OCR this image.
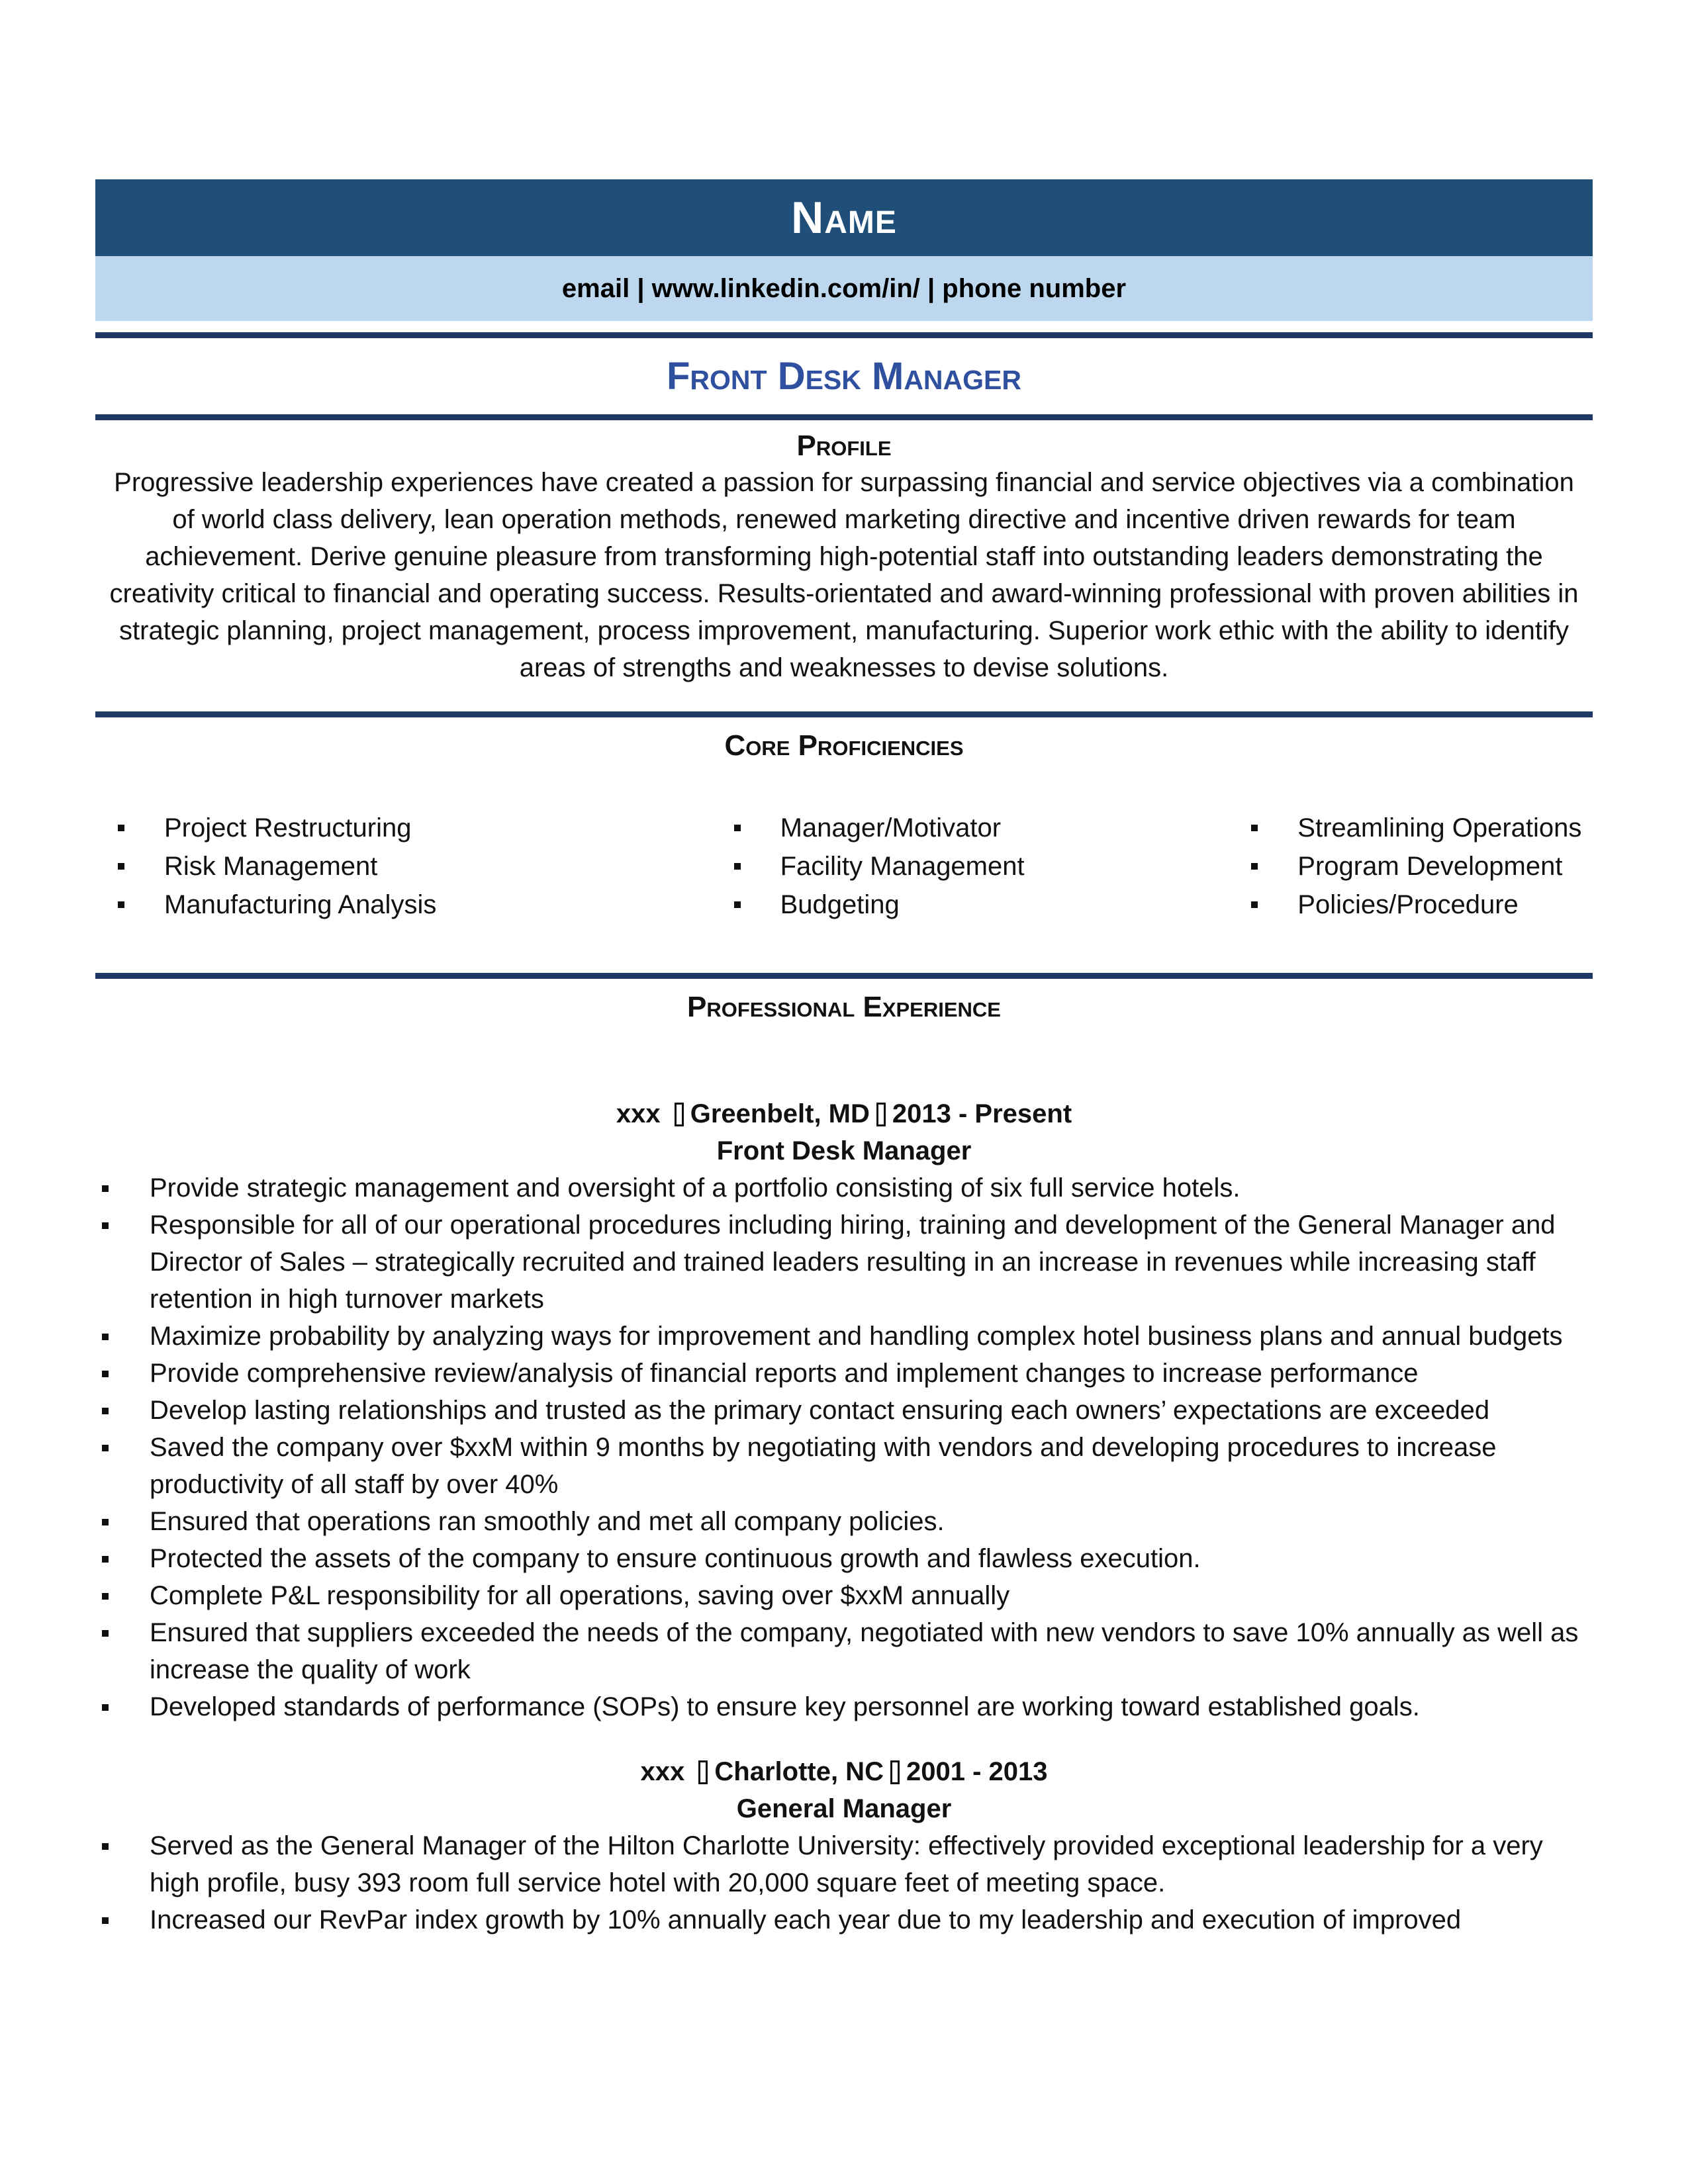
Name
email | www.linkedin.com/in/ | phone number
Front Desk Manager
Profile
Progressive leadership experiences have created a passion for surpassing financial and service objectives via a combination of world class delivery, lean operation methods, renewed marketing directive and incentive driven rewards for team achievement. Derive genuine pleasure from transforming high-potential staff into outstanding leaders demonstrating the creativity critical to financial and operating success. Results-orientated and award-winning professional with proven abilities in strategic planning, project management, process improvement, manufacturing. Superior work ethic with the ability to identify areas of strengths and weaknesses to devise solutions.
Core Proficiencies
Project Restructuring
Risk Management
Manufacturing Analysis
Manager/Motivator
Facility Management
Budgeting
Streamlining Operations
Program Development
Policies/Procedure
Professional Experience
xxx Greenbelt, MD 2013 - Present
Front Desk Manager
Provide strategic management and oversight of a portfolio consisting of six full service hotels.
Responsible for all of our operational procedures including hiring, training and development of the General Manager and Director of Sales – strategically recruited and trained leaders resulting in an increase in revenues while increasing staff retention in high turnover markets
Maximize probability by analyzing ways for improvement and handling complex hotel business plans and annual budgets
Provide comprehensive review/analysis of financial reports and implement changes to increase performance
Develop lasting relationships and trusted as the primary contact ensuring each owners’ expectations are exceeded
Saved the company over $xxM within 9 months by negotiating with vendors and developing procedures to increase productivity of all staff by over 40%
Ensured that operations ran smoothly and met all company policies.
Protected the assets of the company to ensure continuous growth and flawless execution.
Complete P&L responsibility for all operations, saving over $xxM annually
Ensured that suppliers exceeded the needs of the company, negotiated with new vendors to save 10% annually as well as increase the quality of work
Developed standards of performance (SOPs) to ensure key personnel are working toward established goals.
xxx Charlotte, NC 2001 - 2013
General Manager
Served as the General Manager of the Hilton Charlotte University: effectively provided exceptional leadership for a very high profile, busy 393 room full service hotel with 20,000 square feet of meeting space.
Increased our RevPar index growth by 10% annually each year due to my leadership and execution of improved
